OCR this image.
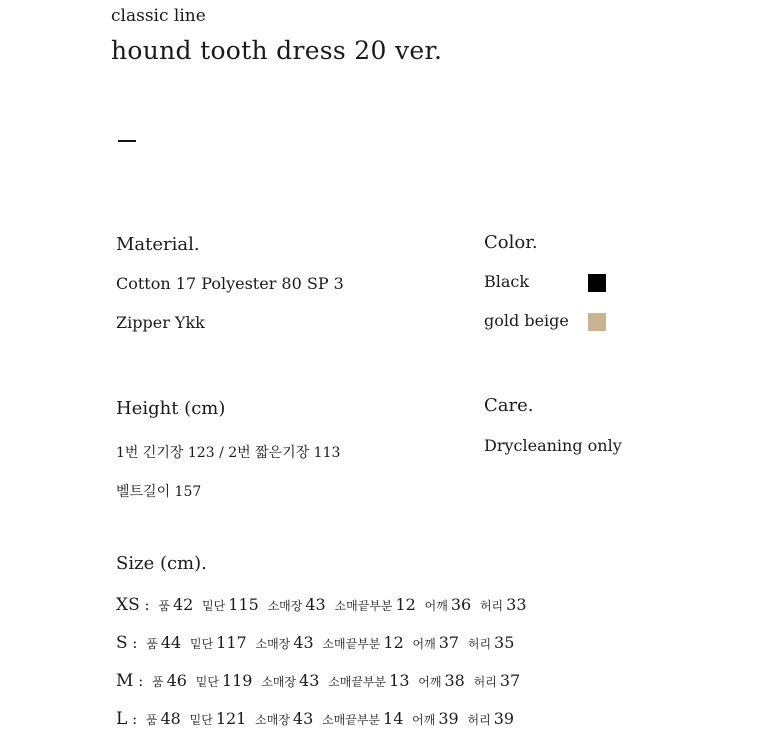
classic line
hound tooth dress 20 ver.
Material.
Cotton 17 Polyester 80 SP 3
Zipper Ykk
Color.
Black
gold beige
Height (cm)
1번 긴기장 123 / 2번 짧은기장 113
벨트길이 157
Care.
Drycleaning only
Size (cm).
XS : 품 42 밑단 115 소매장 43 소매끝부분 12 어깨 36 허리 33
S : 품 44 밑단 117 소매장 43 소매끝부분 12 어깨 37 허리 35
M : 품 46 밑단 119 소매장 43 소매끝부분 13 어깨 38 허리 37
L : 품 48 밑단 121 소매장 43 소매끝부분 14 어깨 39 허리 39
